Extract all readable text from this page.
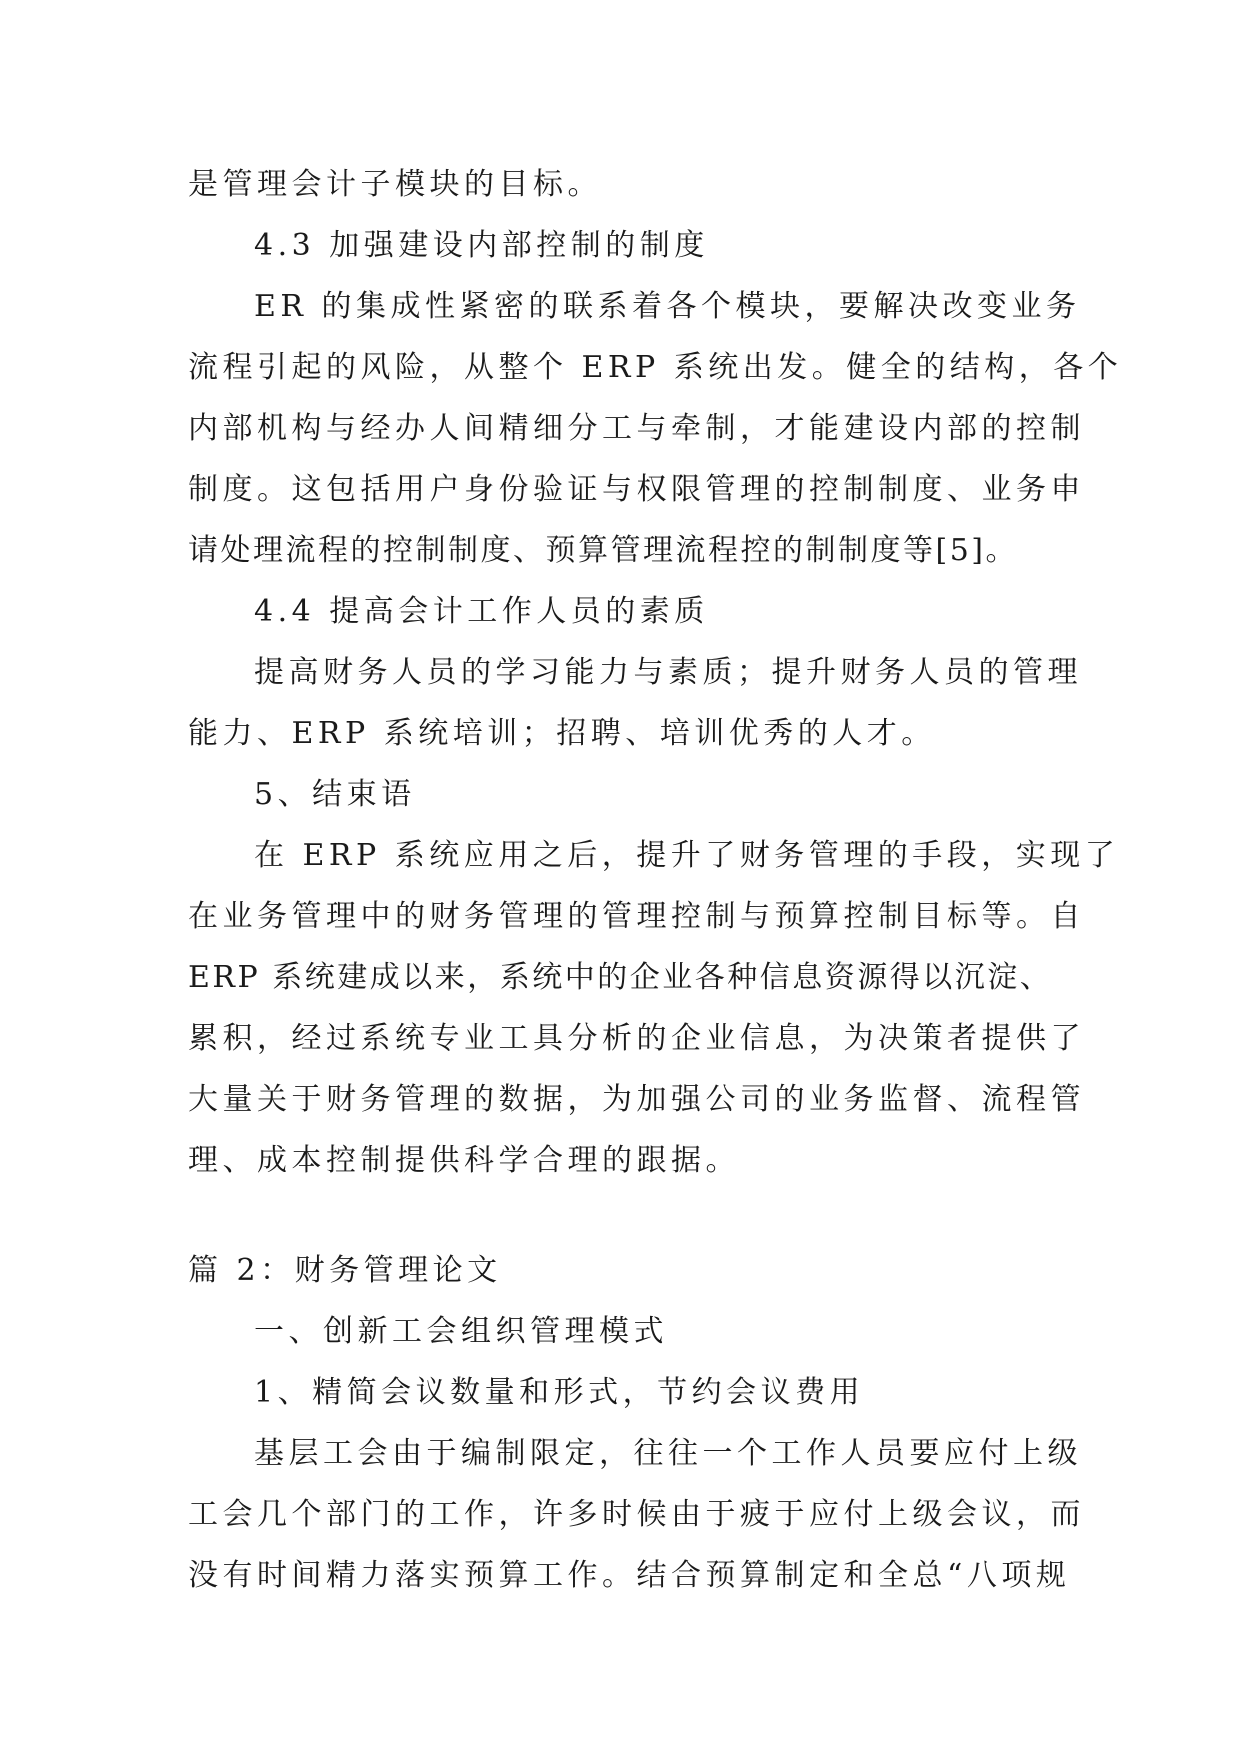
是管理会计子模块的目标。
4.3 加强建设内部控制的制度
ER 的集成性紧密的联系着各个模块，要解决改变业务
流程引起的风险，从整个 ERP 系统出发。健全的结构，各个
内部机构与经办人间精细分工与牵制，才能建设内部的控制
制度。这包括用户身份验证与权限管理的控制制度、业务申
请处理流程的控制制度、预算管理流程控的制制度等[5]。
4.4 提高会计工作人员的素质
提高财务人员的学习能力与素质；提升财务人员的管理
能力、ERP 系统培训；招聘、培训优秀的人才。
5、结束语
在 ERP 系统应用之后，提升了财务管理的手段，实现了
在业务管理中的财务管理的管理控制与预算控制目标等。自
ERP 系统建成以来，系统中的企业各种信息资源得以沉淀、
累积，经过系统专业工具分析的企业信息，为决策者提供了
大量关于财务管理的数据，为加强公司的业务监督、流程管
理、成本控制提供科学合理的跟据。
篇 2：财务管理论文
一、创新工会组织管理模式
1、精简会议数量和形式，节约会议费用
基层工会由于编制限定，往往一个工作人员要应付上级
工会几个部门的工作，许多时候由于疲于应付上级会议，而
没有时间精力落实预算工作。结合预算制定和全总“八项规
